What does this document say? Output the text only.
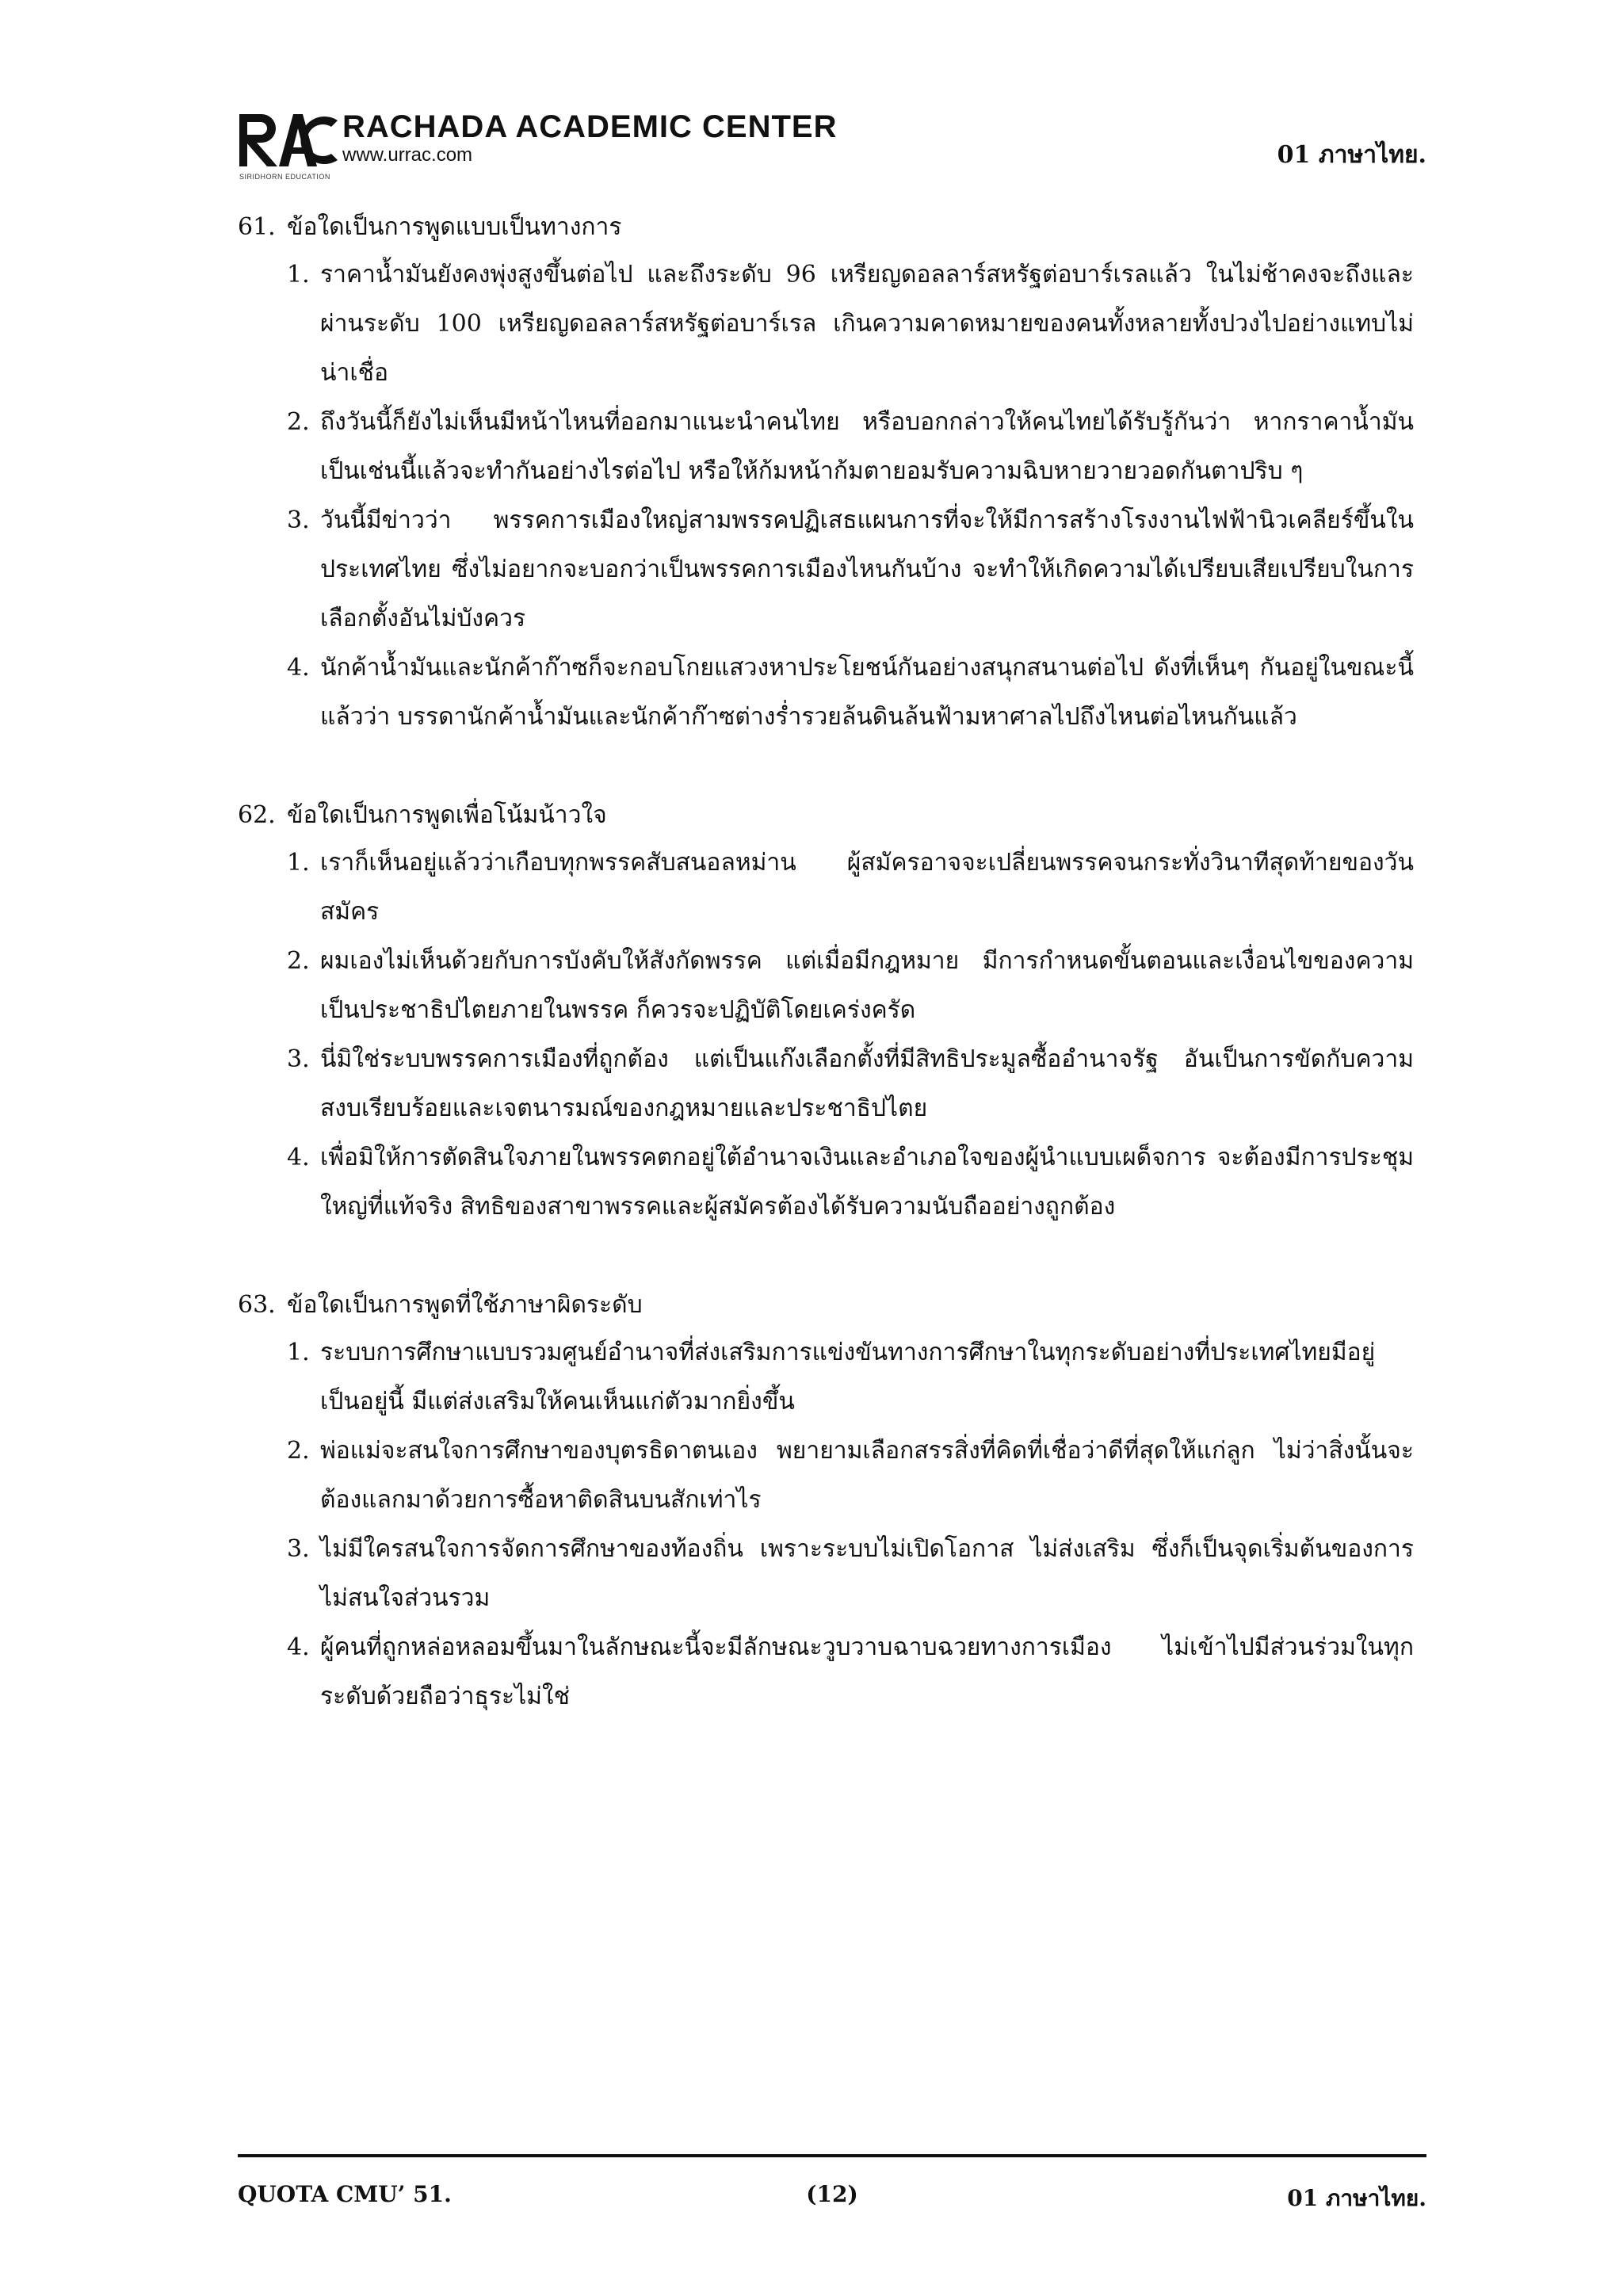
RACHADA ACADEMIC CENTER
www.urrac.com
SIRIDHORN EDUCATION
01 ภาษาไทย.
61. ข้อใดเป็นการพูดแบบเป็นทางการ
1. ราคาน้ำมันยังคงพุ่งสูงขึ้นต่อไป และถึงระดับ 96 เหรียญดอลลาร์สหรัฐต่อบาร์เรลแล้ว ในไม่ช้าคงจะถึงและผ่านระดับ 100 เหรียญดอลลาร์สหรัฐต่อบาร์เรล เกินความคาดหมายของคนทั้งหลายทั้งปวงไปอย่างแทบไม่น่าเชื่อ
2. ถึงวันนี้ก็ยังไม่เห็นมีหน้าไหนที่ออกมาแนะนำคนไทย หรือบอกกล่าวให้คนไทยได้รับรู้กันว่า หากราคาน้ำมันเป็นเช่นนี้แล้วจะทำกันอย่างไรต่อไป หรือให้ก้มหน้าก้มตายอมรับความฉิบหายวายวอดกันตาปริบ ๆ
3. วันนี้มีข่าวว่า พรรคการเมืองใหญ่สามพรรคปฏิเสธแผนการที่จะให้มีการสร้างโรงงานไฟฟ้านิวเคลียร์ขึ้นในประเทศไทย ซึ่งไม่อยากจะบอกว่าเป็นพรรคการเมืองไหนกันบ้าง จะทำให้เกิดความได้เปรียบเสียเปรียบในการเลือกตั้งอันไม่บังควร
4. นักค้าน้ำมันและนักค้าก๊าซก็จะกอบโกยแสวงหาประโยชน์กันอย่างสนุกสนานต่อไป ดังที่เห็นๆ กันอยู่ในขณะนี้แล้วว่า บรรดานักค้าน้ำมันและนักค้าก๊าซต่างร่ำรวยล้นดินล้นฟ้ามหาศาลไปถึงไหนต่อไหนกันแล้ว
62. ข้อใดเป็นการพูดเพื่อโน้มน้าวใจ
1. เราก็เห็นอยู่แล้วว่าเกือบทุกพรรคสับสนอลหม่าน ผู้สมัครอาจจะเปลี่ยนพรรคจนกระทั่งวินาทีสุดท้ายของวันสมัคร
2. ผมเองไม่เห็นด้วยกับการบังคับให้สังกัดพรรค แต่เมื่อมีกฎหมาย มีการกำหนดขั้นตอนและเงื่อนไขของความเป็นประชาธิปไตยภายในพรรค ก็ควรจะปฏิบัติโดยเคร่งครัด
3. นี่มิใช่ระบบพรรคการเมืองที่ถูกต้อง แต่เป็นแก๊งเลือกตั้งที่มีสิทธิประมูลซื้ออำนาจรัฐ อันเป็นการขัดกับความสงบเรียบร้อยและเจตนารมณ์ของกฎหมายและประชาธิปไตย
4. เพื่อมิให้การตัดสินใจภายในพรรคตกอยู่ใต้อำนาจเงินและอำเภอใจของผู้นำแบบเผด็จการ จะต้องมีการประชุมใหญ่ที่แท้จริง สิทธิของสาขาพรรคและผู้สมัครต้องได้รับความนับถืออย่างถูกต้อง
63. ข้อใดเป็นการพูดที่ใช้ภาษาผิดระดับ
1. ระบบการศึกษาแบบรวมศูนย์อำนาจที่ส่งเสริมการแข่งขันทางการศึกษาในทุกระดับอย่างที่ประเทศไทยมีอยู่เป็นอยู่นี้ มีแต่ส่งเสริมให้คนเห็นแก่ตัวมากยิ่งขึ้น
2. พ่อแม่จะสนใจการศึกษาของบุตรธิดาตนเอง พยายามเลือกสรรสิ่งที่คิดที่เชื่อว่าดีที่สุดให้แก่ลูก ไม่ว่าสิ่งนั้นจะต้องแลกมาด้วยการซื้อหาติดสินบนสักเท่าไร
3. ไม่มีใครสนใจการจัดการศึกษาของท้องถิ่น เพราะระบบไม่เปิดโอกาส ไม่ส่งเสริม ซึ่งก็เป็นจุดเริ่มต้นของการไม่สนใจส่วนรวม
4. ผู้คนที่ถูกหล่อหลอมขึ้นมาในลักษณะนี้จะมีลักษณะวูบวาบฉาบฉวยทางการเมือง ไม่เข้าไปมีส่วนร่วมในทุกระดับด้วยถือว่าธุระไม่ใช่
QUOTA CMU’ 51.	(12)	01 ภาษาไทย.
